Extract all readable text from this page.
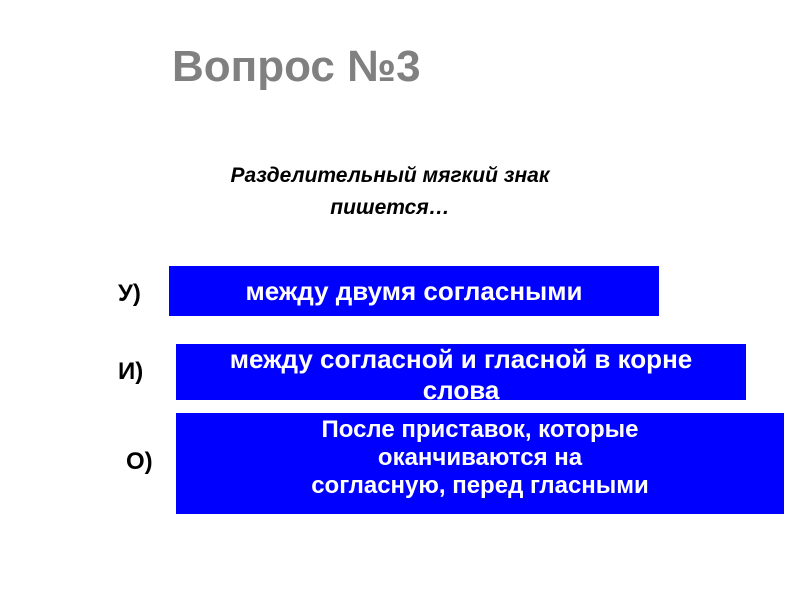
Вопрос №3
Разделительный мягкий знак
пишется…
У)	между двумя согласными
И)	между согласной и гласной в корне
слова
О)
После приставок, которые
оканчиваются на
согласную, перед гласными
